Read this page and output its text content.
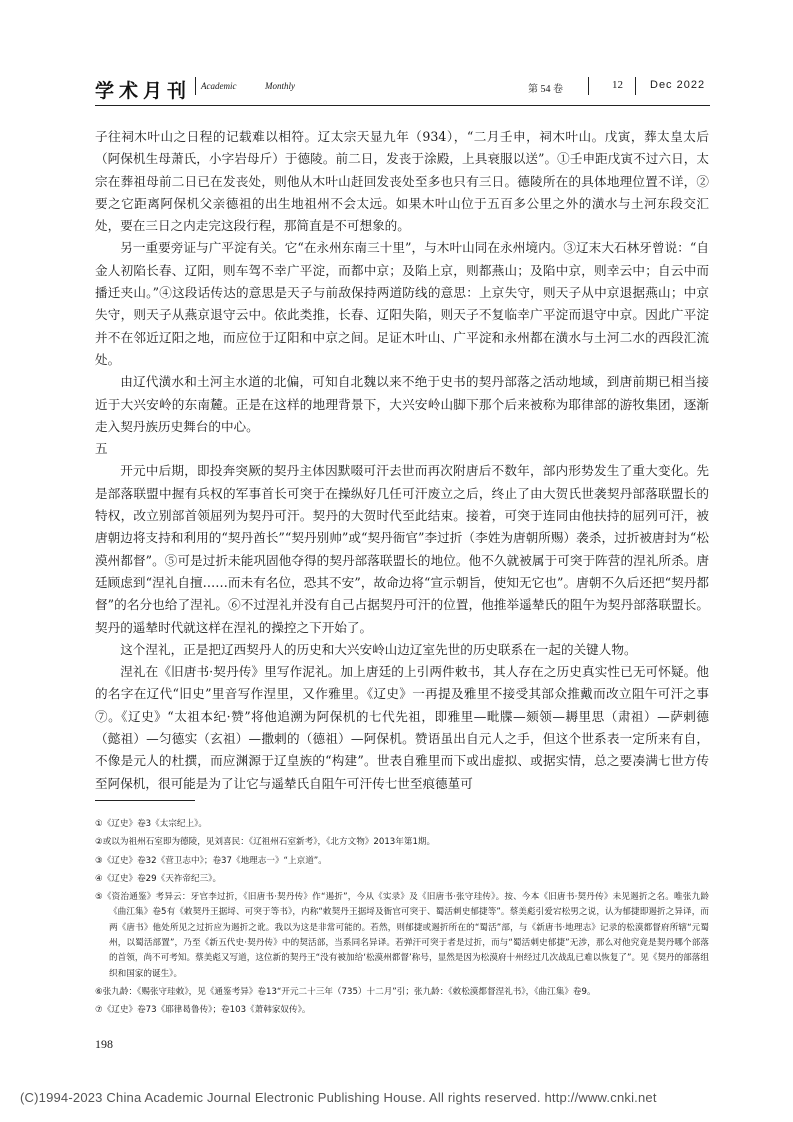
学术月刊 Academic	Monthly	第 54 卷	12 Dec 2022

子往祠木叶山之日程的记载难以相符。辽太宗天显九年（934），“二月壬申，祠木叶山。戊寅，葬太皇太后（阿保机生母萧氏，小字岩母斤）于德陵。前二日，发丧于涂殿，上具衰服以送”。①壬申距戊寅不过六日，太宗在葬祖母前二日已在发丧处，则他从木叶山赶回发丧处至多也只有三日。德陵所在的具体地理位置不详，②要之它距离阿保机父亲德祖的出生地祖州不会太远。如果木叶山位于五百多公里之外的潢水与土河东段交汇处，要在三日之内走完这段行程，那简直是不可想象的。

另一重要旁证与广平淀有关。它“在永州东南三十里”，与木叶山同在永州境内。③辽末大石林牙曾说：“自金人初陷长春、辽阳，则车驾不幸广平淀，而都中京；及陷上京，则都燕山；及陷中京，则幸云中；自云中而播迁夹山。”④这段话传达的意思是天子与前敌保持两道防线的意思：上京失守，则天子从中京退据燕山；中京失守，则天子从燕京退守云中。依此类推，长春、辽阳失陷，则天子不复临幸广平淀而退守中京。因此广平淀并不在邻近辽阳之地，而应位于辽阳和中京之间。足证木叶山、广平淀和永州都在潢水与土河二水的西段汇流处。

由辽代潢水和土河主水道的北偏，可知自北魏以来不绝于史书的契丹部落之活动地域，到唐前期已相当接近于大兴安岭的东南麓。正是在这样的地理背景下，大兴安岭山脚下那个后来被称为耶律部的游牧集团，逐渐走入契丹族历史舞台的中心。

五

开元中后期，即投奔突厥的契丹主体因默啜可汗去世而再次附唐后不数年，部内形势发生了重大变化。先是部落联盟中握有兵权的军事首长可突于在操纵好几任可汗废立之后，终止了由大贺氏世袭契丹部落联盟长的特权，改立别部首领屈列为契丹可汗。契丹的大贺时代至此结束。接着，可突于连同由他扶持的屈列可汗，被唐朝边将支持和利用的“契丹酋长”“契丹别帅”或“契丹衙官”李过折（李姓为唐朝所赐）袭杀，过折被唐封为“松漠州都督”。⑤可是过折未能巩固他夺得的契丹部落联盟长的地位。他不久就被属于可突于阵营的涅礼所杀。唐廷顾虑到“涅礼自擅……而未有名位，恐其不安”，故命边将“宣示朝旨，使知无它也”。唐朝不久后还把“契丹都督”的名分也给了涅礼。⑥不过涅礼并没有自己占据契丹可汗的位置，他推举遥辇氏的阻午为契丹部落联盟长。契丹的遥辇时代就这样在涅礼的操控之下开始了。

这个涅礼，正是把辽西契丹人的历史和大兴安岭山边辽室先世的历史联系在一起的关键人物。

涅礼在《旧唐书·契丹传》里写作泥礼。加上唐廷的上引两件敕书，其人存在之历史真实性已无可怀疑。他的名字在辽代“旧史”里音写作涅里，又作雅里。《辽史》一再提及雅里不接受其部众推戴而改立阻午可汗之事⑦。《辽史》“太祖本纪·赞”将他追溯为阿保机的七代先祖，即雅里—毗牒—颏领—耨里思（肃祖）—萨剌德（懿祖）—匀德实（玄祖）—撒剌的（德祖）—阿保机。赞语虽出自元人之手，但这个世系表一定所来有自，不像是元人的杜撰，而应渊源于辽皇族的“构建”。世表自雅里而下或出虚拟、或据实情，总之要凑满七世方传至阿保机，很可能是为了让它与遥辇氏自阻午可汗传七世至痕德堇可

①《辽史》卷3《太宗纪上》。

②或以为祖州石室即为德陵，见刘喜民：《辽祖州石室新考》，《北方文物》2013年第1期。

③《辽史》卷32《营卫志中》；卷37《地理志一》“上京道”。

④《辽史》卷29《天祚帝纪三》。

⑤《资治通鉴》考异云：牙官李过折，《旧唐书·契丹传》作“遏折”，今从《实录》及《旧唐书·张守珪传》。按、今本《旧唐书·契丹传》未见遏折之名。唯张九龄《曲江集》卷5有《敕契丹王据埒、可突于等书》，内称“敕契丹王据埒及衙官可突于、蜀活刺史郁捷等”。蔡美彪引爱宕松男之说，认为郁捷即遏折之异译，而两《唐书》他处所见之过折应为遏折之讹。我以为这是非常可能的。若然，则郁捷或遏折所在的“蜀活”部，与《新唐书·地理志》记录的松漠都督府所辖“元蜀州，以蜀活部置”，乃至《新五代史·契丹传》中的契活部，当系同名异译。若弹汗可突于者是过折，而与“蜀活刺史郁捷”无涉，那么对他究竟是契丹哪个部落的首领，尚不可考知。蔡美彪又写道，这位新的契丹王“没有被加给‘松漠州都督’称号，显然是因为松漠府十州经过几次战乱已难以恢复了”。见《契丹的部落组织和国家的诞生》。

⑥张九龄：《赐张守珪敕》，见《通鉴考异》卷13“开元二十三年（735）十二月”引；张九龄：《敕松漠都督涅礼书》，《曲江集》卷9。

⑦《辽史》卷73《耶律曷鲁传》；卷103《萧韩家奴传》。

198
(C)1994-2023 China Academic Journal Electronic Publishing House. All rights reserved. http://www.cnki.net
